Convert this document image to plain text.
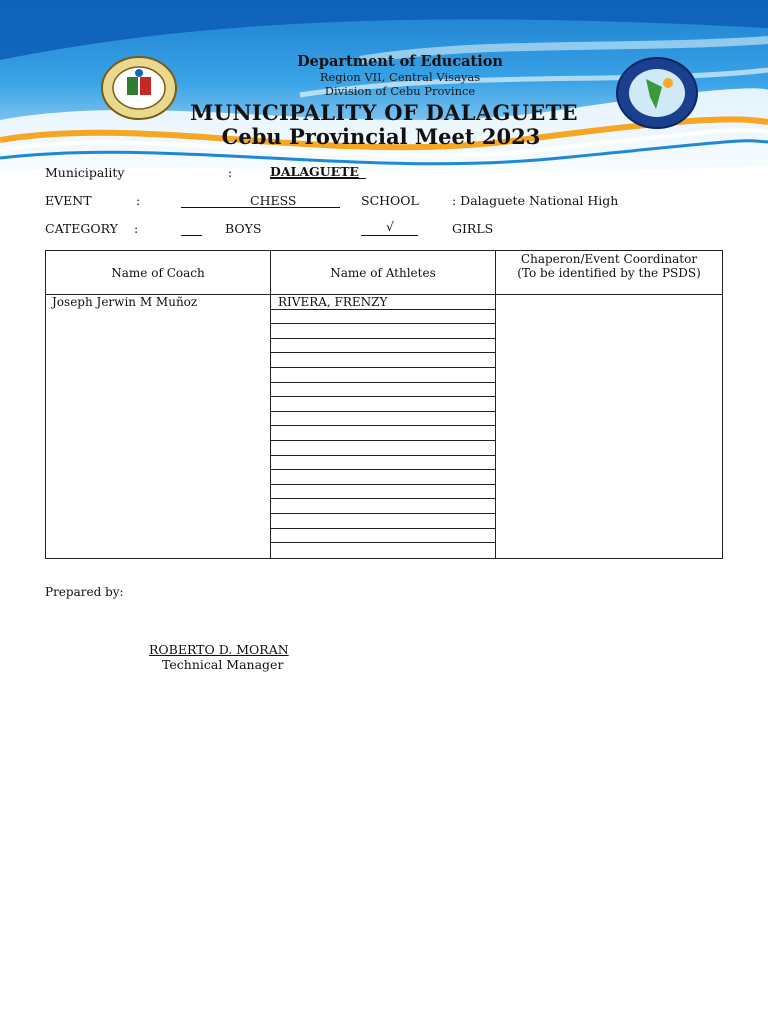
Department of Education
Region VII, Central Visayas
Division of Cebu Province
MUNICIPALITY OF DALAGUETE
Cebu Provincial Meet 2023
Municipality	:	DALAGUETE
EVENT	:	CHESS	SCHOOL	: Dalaguete National High
CATEGORY :	BOYS	√	GIRLS
Name of Coach	Name of Athletes	Chaperon/Event Coordinator
(To be identified by the PSDS)

Joseph Jerwin M Muñoz	RIVERA, FRENZY	

Prepared by:
ROBERTO D. MORAN
Technical Manager
